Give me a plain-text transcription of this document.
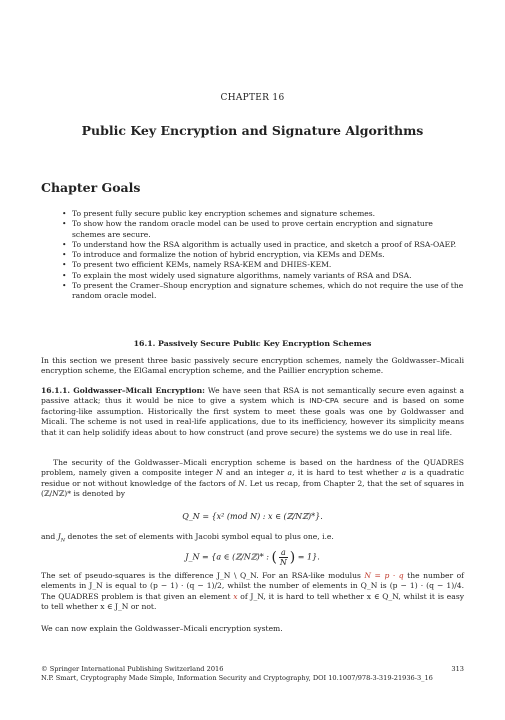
CHAPTER 16
Public Key Encryption and Signature Algorithms
Chapter Goals
• To present fully secure public key encryption schemes and signature schemes.
• To show how the random oracle model can be used to prove certain encryption and signature schemes are secure.
• To understand how the RSA algorithm is actually used in practice, and sketch a proof of RSA-OAEP.
• To introduce and formalize the notion of hybrid encryption, via KEMs and DEMs.
• To present two efficient KEMs, namely RSA-KEM and DHIES-KEM.
• To explain the most widely used signature algorithms, namely variants of RSA and DSA.
• To present the Cramer–Shoup encryption and signature schemes, which do not require the use of the random oracle model.
16.1. Passively Secure Public Key Encryption Schemes
In this section we present three basic passively secure encryption schemes, namely the Goldwasser–Micali encryption scheme, the ElGamal encryption scheme, and the Paillier encryption scheme.
16.1.1. Goldwasser–Micali Encryption: We have seen that RSA is not semantically secure even against a passive attack; thus it would be nice to give a system which is IND-CPA secure and is based on some factoring-like assumption. Historically the first system to meet these goals was one by Goldwasser and Micali. The scheme is not used in real-life applications, due to its inefficiency, however its simplicity means that it can help solidify ideas about to how construct (and prove secure) the systems we do use in real life.
The security of the Goldwasser–Micali encryption scheme is based on the hardness of the QUADRES problem, namely given a composite integer N and an integer a, it is hard to test whether a is a quadratic residue or not without knowledge of the factors of N. Let us recap, from Chapter 2, that the set of squares in (ℤ/Nℤ)* is denoted by
Q_N = {x² (mod N) : x ∈ (ℤ/Nℤ)*}.
and $J_N$ denotes the set of elements with Jacobi symbol equal to plus one, i.e.
J_N = {a ∈ (ℤ/Nℤ)* : ( $\frac{a}{N}$ ) = 1}.
The set of pseudo-squares is the difference J_N \ Q_N. For an RSA-like modulus N = p · q the number of elements in J_N is equal to (p − 1) · (q − 1)/2, whilst the number of elements in Q_N is (p − 1) · (q − 1)/4. The QUADRES problem is that given an element x of J_N, it is hard to tell whether x ∈ Q_N, whilst it is easy to tell whether x ∈ J_N or not.
We can now explain the Goldwasser–Micali encryption system.
© Springer International Publishing Switzerland 2016
N.P. Smart, Cryptography Made Simple, Information Security and Cryptography, DOI 10.1007/978-3-319-21936-3_16
313
